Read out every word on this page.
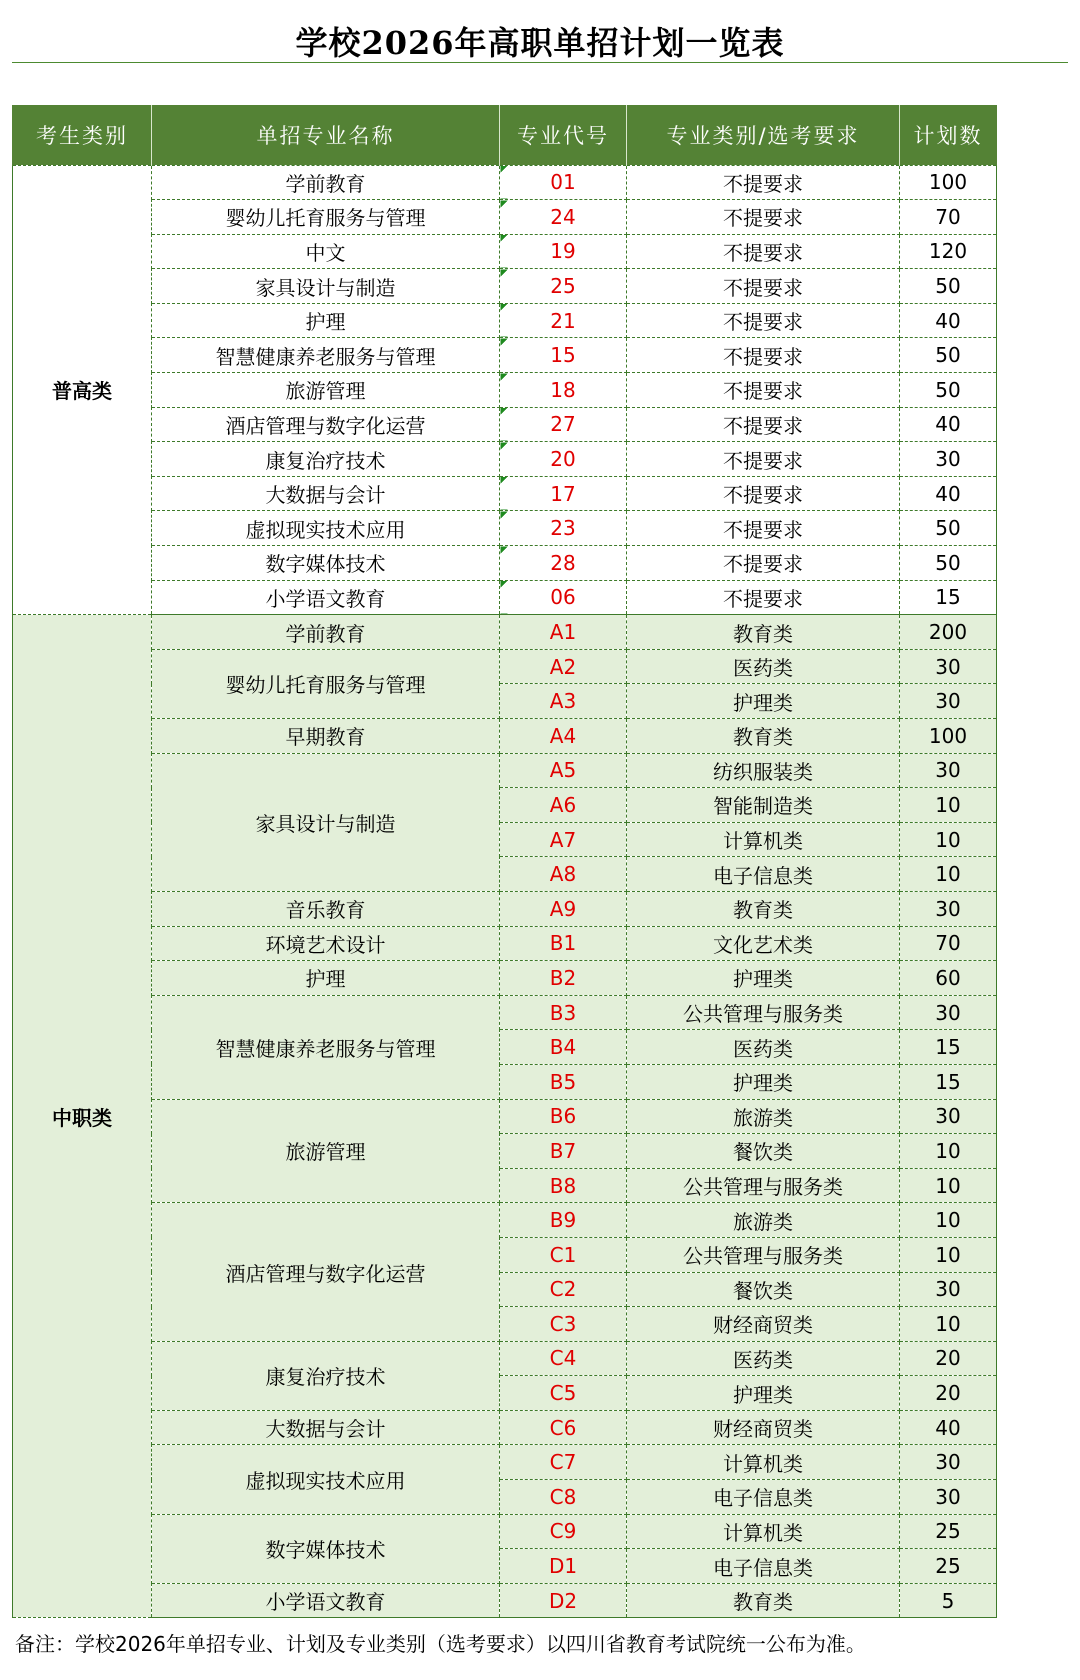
学校2026年高职单招计划一览表
考生类别	单招专业名称	专业代号	专业类别/选考要求	计划数
普高类	学前教育	01	不提要求	100
	婴幼儿托育服务与管理	24	不提要求	70
	中文	19	不提要求	120
	家具设计与制造	25	不提要求	50
	护理	21	不提要求	40
	智慧健康养老服务与管理	15	不提要求	50
	旅游管理	18	不提要求	50
	酒店管理与数字化运营	27	不提要求	40
	康复治疗技术	20	不提要求	30
	大数据与会计	17	不提要求	40
	虚拟现实技术应用	23	不提要求	50
	数字媒体技术	28	不提要求	50
	小学语文教育	06	不提要求	15
中职类	学前教育	A1	教育类	200
	婴幼儿托育服务与管理	A2	医药类	30
		A3	护理类	30
	早期教育	A4	教育类	100
	家具设计与制造	A5	纺织服装类	30
		A6	智能制造类	10
		A7	计算机类	10
		A8	电子信息类	10
	音乐教育	A9	教育类	30
	环境艺术设计	B1	文化艺术类	70
	护理	B2	护理类	60
	智慧健康养老服务与管理	B3	公共管理与服务类	30
		B4	医药类	15
		B5	护理类	15
	旅游管理	B6	旅游类	30
		B7	餐饮类	10
		B8	公共管理与服务类	10
	酒店管理与数字化运营	B9	旅游类	10
		C1	公共管理与服务类	10
		C2	餐饮类	30
		C3	财经商贸类	10
	康复治疗技术	C4	医药类	20
		C5	护理类	20
	大数据与会计	C6	财经商贸类	40
	虚拟现实技术应用	C7	计算机类	30
		C8	电子信息类	30
	数字媒体技术	C9	计算机类	25
		D1	电子信息类	25
	小学语文教育	D2	教育类	5
备注：学校2026年单招专业、计划及专业类别（选考要求）以四川省教育考试院统一公布为准。
